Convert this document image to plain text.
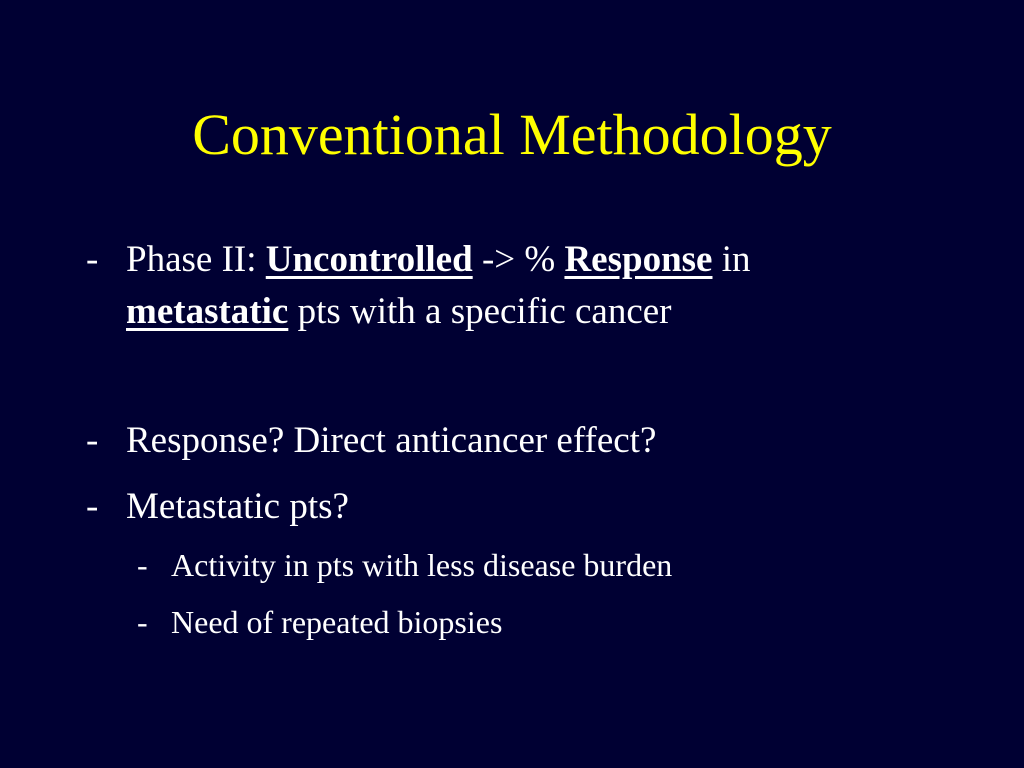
Conventional Methodology
- Phase II: Uncontrolled -> % Response in
metastatic pts with a specific cancer
- Response? Direct anticancer effect?
- Metastatic pts?
- Activity in pts with less disease burden
- Need of repeated biopsies
